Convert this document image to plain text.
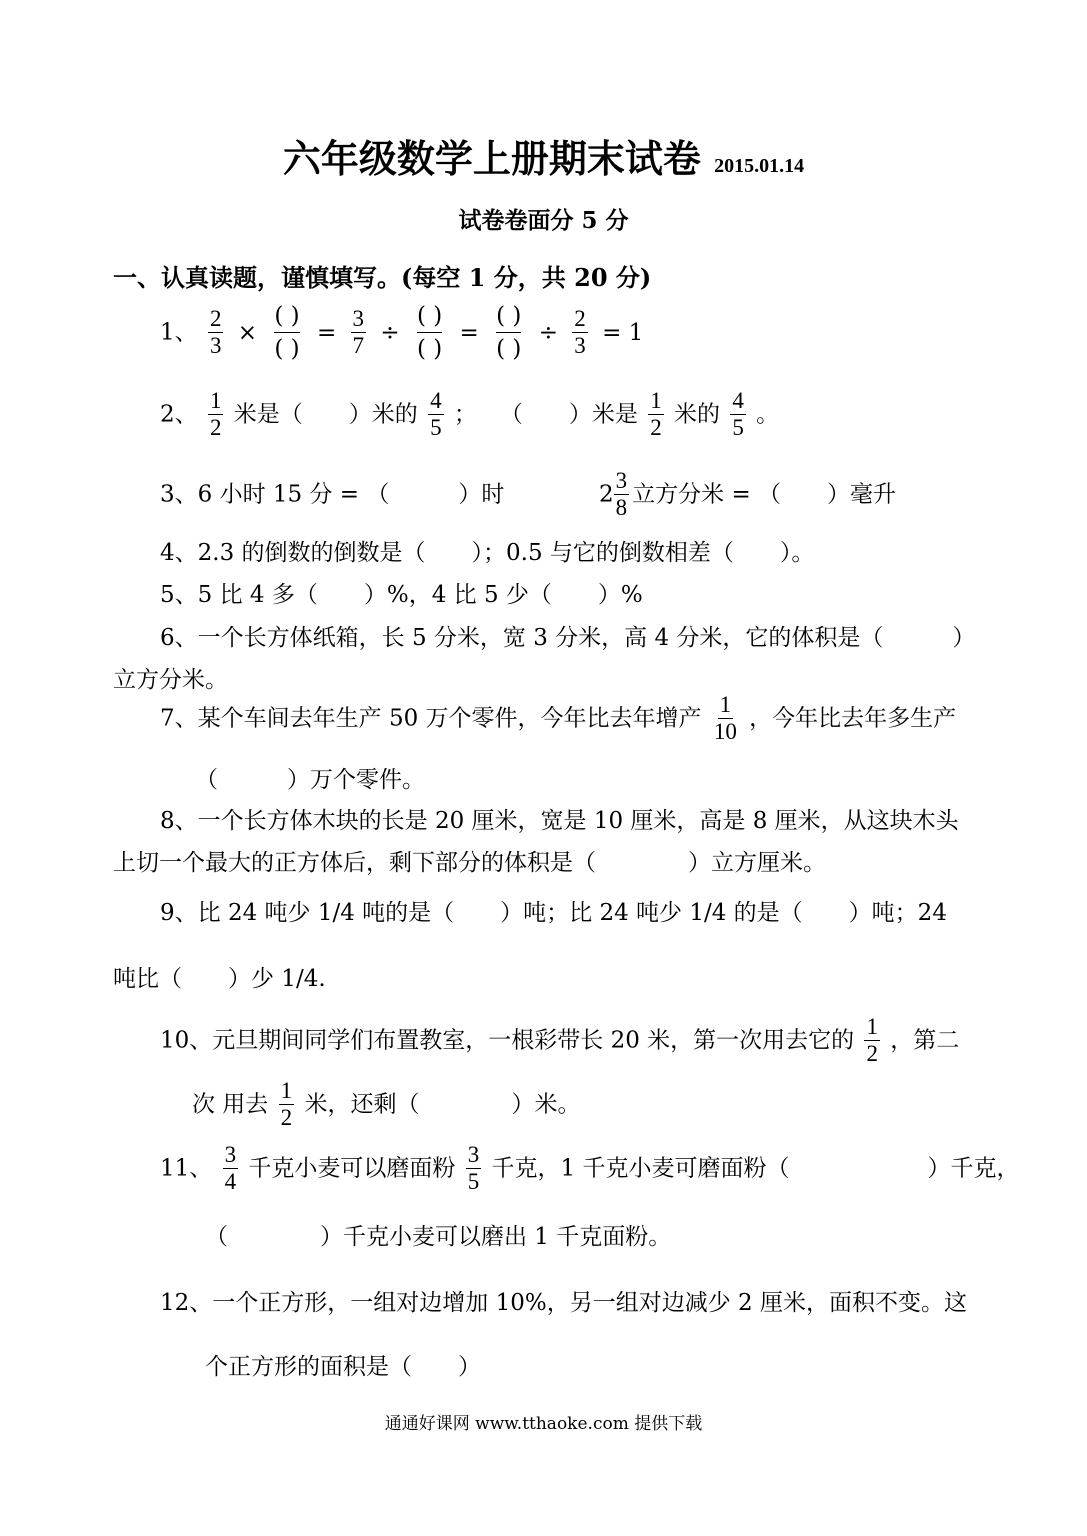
六年级数学上册期末试卷 2015.01.14
试卷卷面分 5 分
一、认真读题，谨慎填写。(每空 1 分，共 20 分)
1、 $\frac{2}{3}$ ×
( )
( )
= $\frac{3}{7}$ ÷
( )
( )
=
( )
( )
÷ $\frac{2}{3} = 1$
2、 $\frac{1}{2}$ 米是（　　）米的 $\frac{4}{5}$ ；　　（　　）米是 $\frac{1}{2}$ 米的 $\frac{4}{5}$ 。
3、6 小时 15 分 = （　　　）时	$2 \frac{3}{8}$ 立方分米 = （　　）毫升
4、2.3 的倒数的倒数是（　　）；0.5 与它的倒数相差（　　）。
5、5 比 4 多（　　）%，4 比 5 少（　　）%
6、一个长方体纸箱，长 5 分米，宽 3 分米，高 4 分米，它的体积是（　　　）
立方分米。
7、某个车间去年生产 50 万个零件，今年比去年增产 $\frac{1}{10}$ ，今年比去年多生产
（　　　）万个零件。
8、一个长方体木块的长是 20 厘米，宽是 10 厘米，高是 8 厘米，从这块木头
上切一个最大的正方体后，剩下部分的体积是（　　　　）立方厘米。
9、比 24 吨少 1/4 吨的是（　　）吨；比 24 吨少 1/4 的是（　　）吨；24
吨比（　　）少 1/4.
10、元旦期间同学们布置教室，一根彩带长 20 米，第一次用去它的 $\frac{1}{2}$ ，第二
次 用去 $\frac{1}{2}$ 米，还剩（　　　　）米。
11、 $\frac{3}{4}$ 千克小麦可以磨面粉 $\frac{3}{5}$ 千克，1 千克小麦可磨面粉（　　　　　　）千克，
（　　　　）千克小麦可以磨出 1 千克面粉。
12、一个正方形，一组对边增加 10%，另一组对边减少 2 厘米，面积不变。这
个正方形的面积是（　　）
通通好课网 www.tthaoke.com 提供下载
